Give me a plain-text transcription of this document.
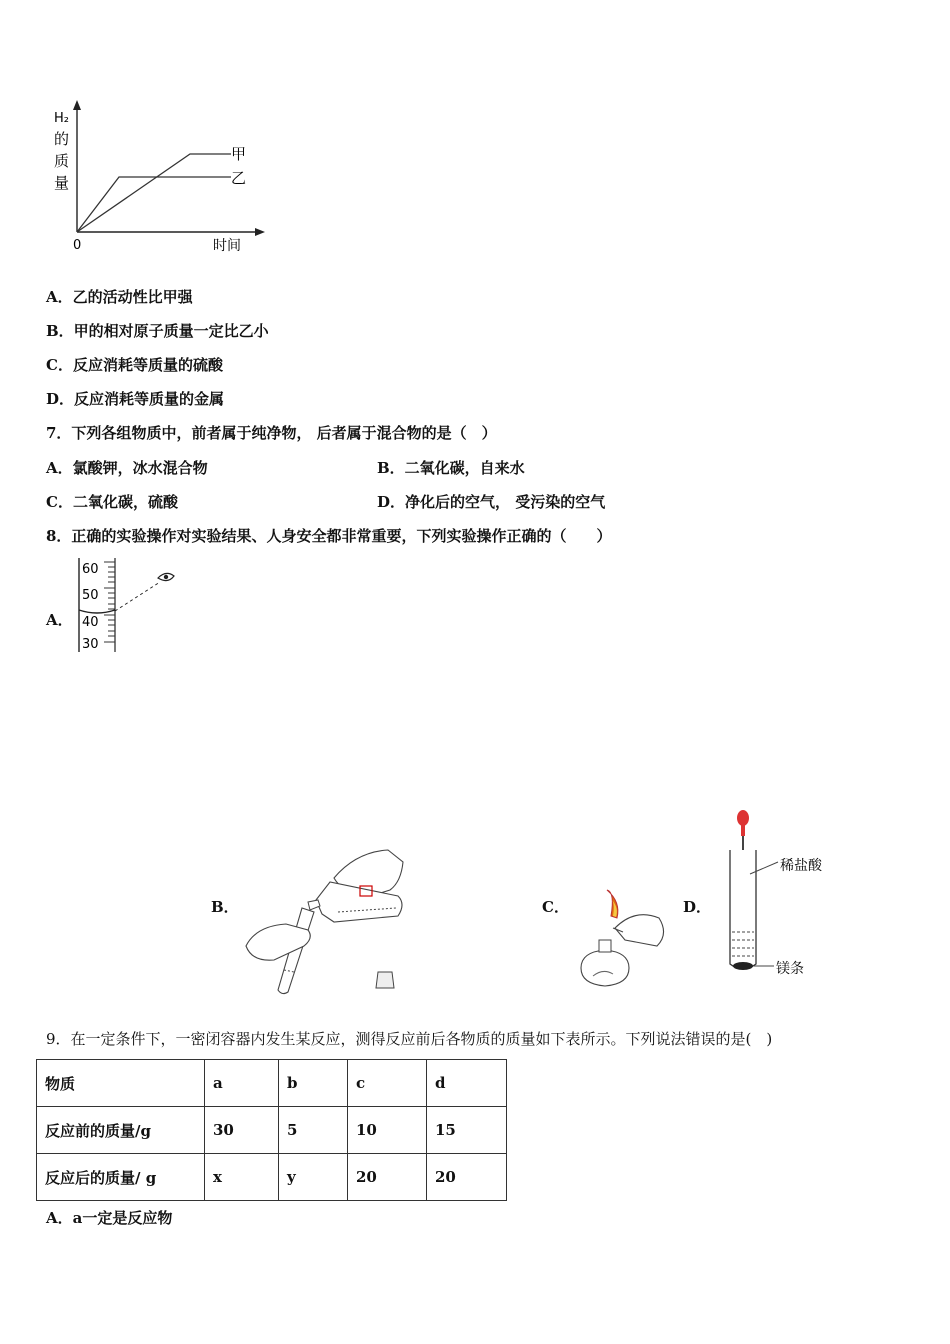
H₂
的
质
量
0	时间
甲
乙
A．乙的活动性比甲强
B．甲的相对原子质量一定比乙小
C．反应消耗等质量的硫酸
D．反应消耗等质量的金属
7．下列各组物质中，前者属于纯净物， 后者属于混合物的是（　）
A．氯酸钾，冰水混合物	B．二氧化碳，自来水
C．二氧化碳，硫酸	D．净化后的空气， 受污染的空气
8．正确的实验操作对实验结果、人身安全都非常重要，下列实验操作正确的（　　）
A．
60
50
40
30
B．	C．	D．
稀盐酸
镁条
9．在一定条件下，一密闭容器内发生某反应，测得反应前后各物质的质量如下表所示。下列说法错误的是(　)
物质	a	b	c	d
反应前的质量/g	30	5	10	15
反应后的质量/ g	x	y	20	20
A．a一定是反应物
